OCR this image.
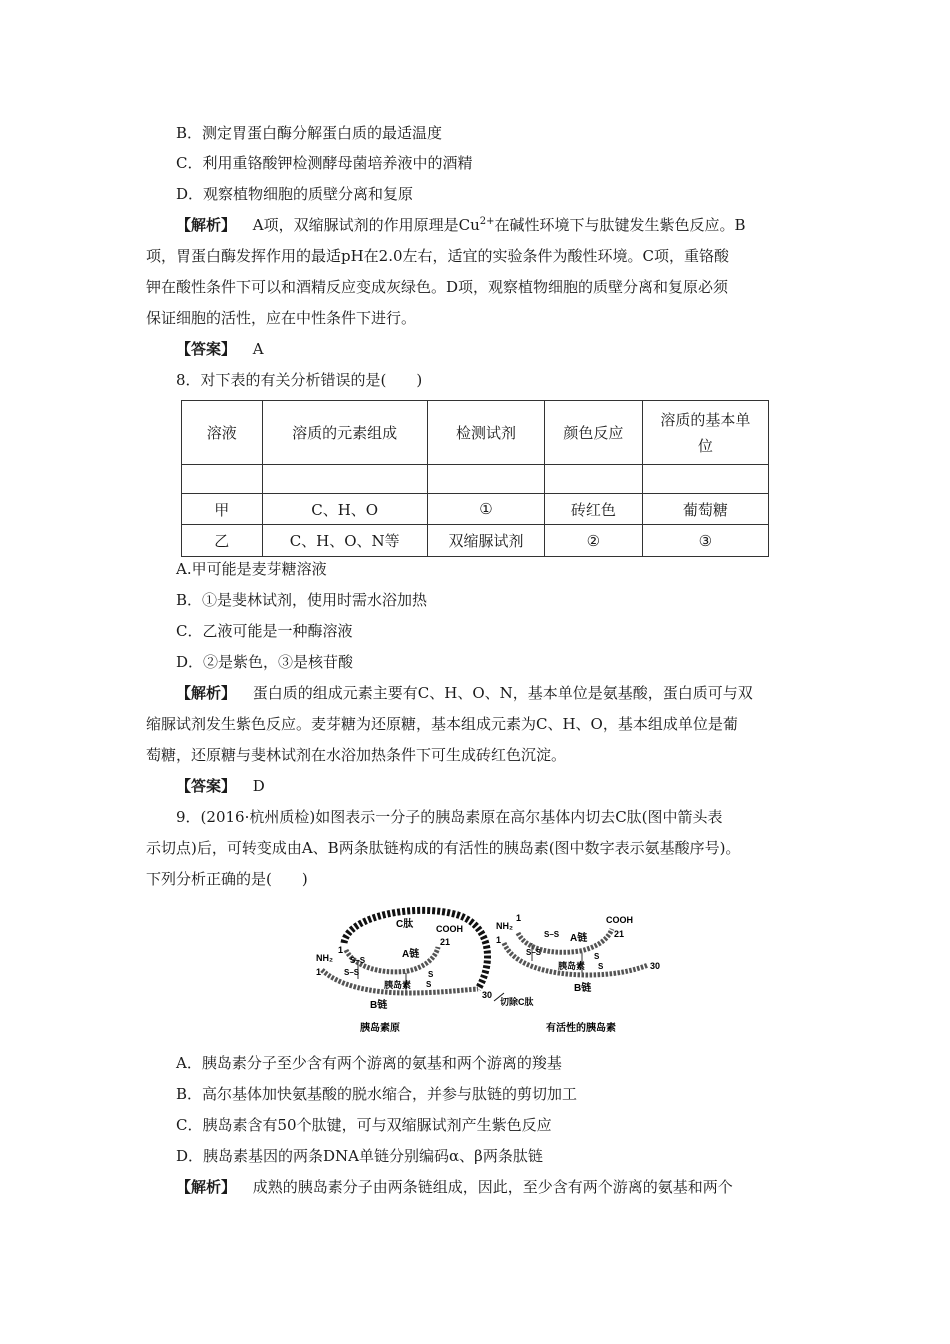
B．测定胃蛋白酶分解蛋白质的最适温度
C．利用重铬酸钾检测酵母菌培养液中的酒精
D．观察植物细胞的质壁分离和复原
【解析】 A项，双缩脲试剂的作用原理是$Cu^{2+}$在碱性环境下与肽键发生紫色反应。B
项，胃蛋白酶发挥作用的最适pH在2.0左右，适宜的实验条件为酸性环境。C项，重铬酸
钾在酸性条件下可以和酒精反应变成灰绿色。D项，观察植物细胞的质壁分离和复原必须
保证细胞的活性，应在中性条件下进行。
【答案】 A
8．对下表的有关分析错误的是(　　)
溶液	溶质的元素组成	检测试剂	颜色反应	溶质的基本单
位

甲	C、H、O	①	砖红色	葡萄糖
乙	C、H、O、N等	双缩脲试剂	②	③
A.甲可能是麦芽糖溶液
B．①是斐林试剂，使用时需水浴加热
C．乙液可能是一种酶溶液
D．②是紫色，③是核苷酸
【解析】 蛋白质的组成元素主要有C、H、O、N，基本单位是氨基酸，蛋白质可与双
缩脲试剂发生紫色反应。麦芽糖为还原糖，基本组成元素为C、H、O，基本组成单位是葡
萄糖，还原糖与斐林试剂在水浴加热条件下可生成砖红色沉淀。
【答案】 D
9．(2016·杭州质检)如图表示一分子的胰岛素原在高尔基体内切去C肽(图中箭头表
示切点)后，可转变成由A、B两条肽链构成的有活性的胰岛素(图中数字表示氨基酸序号)。
下列分析正确的是(　　)
C肽
NH₂
1
1
S–S
S–S
A链
COOH
21
胰岛素 S
S
30
B链
胰岛素原
切除C肽
NH₂
1
1
S–S
S–S
A链
COOH
21
胰岛素 S
S
30
B链
有活性的胰岛素
A．胰岛素分子至少含有两个游离的氨基和两个游离的羧基
B．高尔基体加快氨基酸的脱水缩合，并参与肽链的剪切加工
C．胰岛素含有50个肽键，可与双缩脲试剂产生紫色反应
D．胰岛素基因的两条DNA单链分别编码α、β两条肽链
【解析】 成熟的胰岛素分子由两条链组成，因此，至少含有两个游离的氨基和两个
